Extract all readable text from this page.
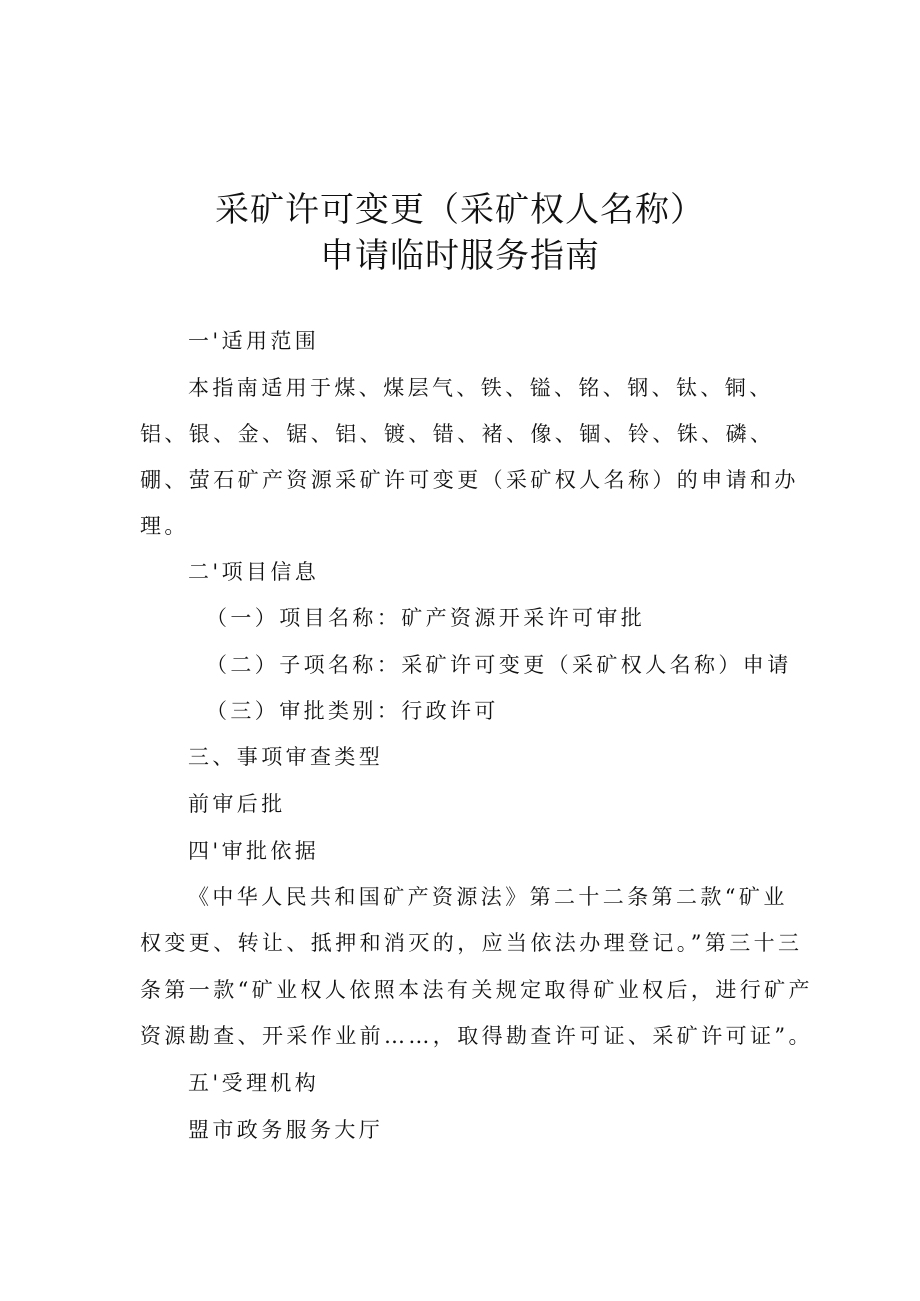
采矿许可变更（采矿权人名称）
申请临时服务指南

一'适用范围

本指南适用于煤、煤层气、铁、镒、铭、钢、钛、铜、

铝、银、金、锯、铝、镀、错、褚、像、锢、铃、铢、磷、

硼、萤石矿产资源采矿许可变更（采矿权人名称）的申请和办

理。

二'项目信息

（一）项目名称：矿产资源开采许可审批

（二）子项名称：采矿许可变更（采矿权人名称）申请

（三）审批类别：行政许可

三、事项审查类型

前审后批

四'审批依据

《中华人民共和国矿产资源法》第二十二条第二款“矿业

权变更、转让、抵押和消灭的，应当依法办理登记。”第三十三

条第一款“矿业权人依照本法有关规定取得矿业权后，进行矿产

资源勘查、开采作业前……，取得勘查许可证、采矿许可证”。

五'受理机构

盟市政务服务大厅
